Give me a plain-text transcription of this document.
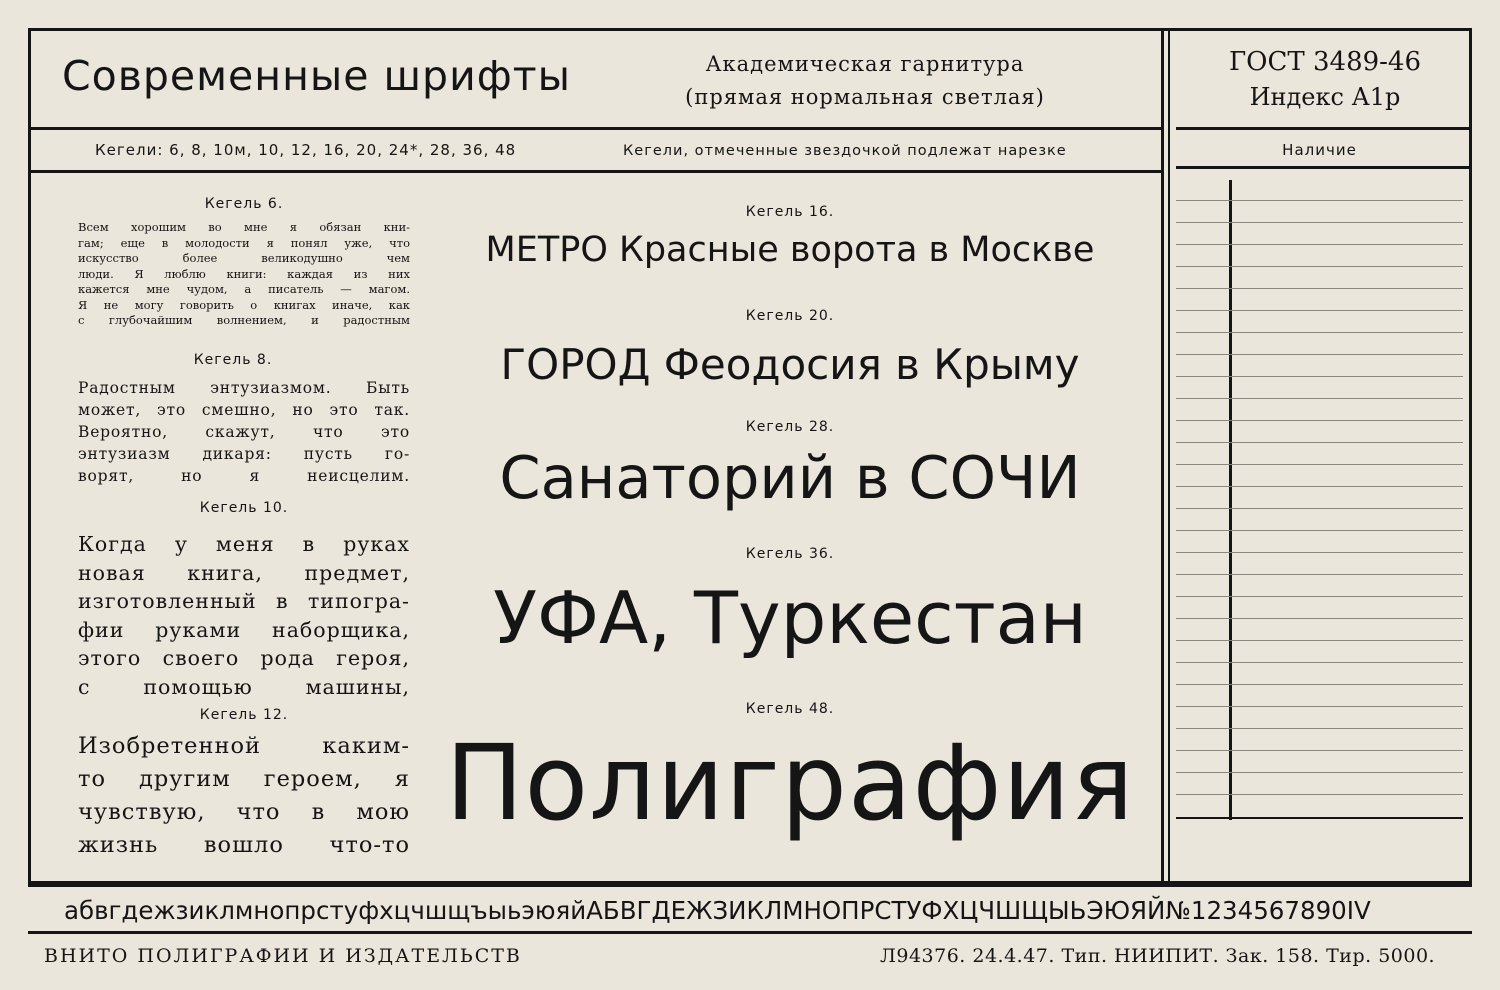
Современные шрифты	Академическая гарнитура
(прямая нормальная светлая)
ГОСТ 3489-46
Индекс А1р
Кегели: 6, 8, 10м, 10, 12, 16, 20, 24*, 28, 36, 48	Кегели, отмеченные звездочкой подлежат нарезке	Наличие
Кегель 6.
Всем хорошим во мне я обязан кни-
гам; еще в молодости я понял уже, что
искусство более великодушно чем
люди. Я люблю книги: каждая из них
кажется мне чудом, а писатель — магом.
Я не могу говорить о книгах иначе, как
с глубочайшим волнением, и радостным
Кегель 8.
Радостным энтузиазмом. Быть
может, это смешно, но это так.
Вероятно, скажут, что это
энтузиазм дикаря: пусть го-
ворят, но я неисцелим.
Кегель 10.
Когда у меня в руках
новая книга, предмет,
изготовленный в типогра-
фии руками наборщика,
этого своего рода героя,
с помощью машины,
Кегель 12.
Изобретенной каким-
то другим героем, я
чувствую, что в мою
жизнь вошло что-то
Кегель 16.
МЕТРО Красные ворота в Москве
Кегель 20.
ГОРОД Феодосия в Крыму
Кегель 28.
Санаторий в СОЧИ
Кегель 36.
УФА, Туркестан
Кегель 48.
Полиграфия
абвгдежзиклмнопрстуфхцчшщъыьэюяйАБВГДЕЖЗИКЛМНОПРСТУФХЦЧШЩЫЬЭЮЯЙ№1234567890IV
ВНИТО ПОЛИГРАФИИ И ИЗДАТЕЛЬСТВ	Л94376. 24.4.47. Тип. НИИПИТ. Зак. 158. Тир. 5000.
